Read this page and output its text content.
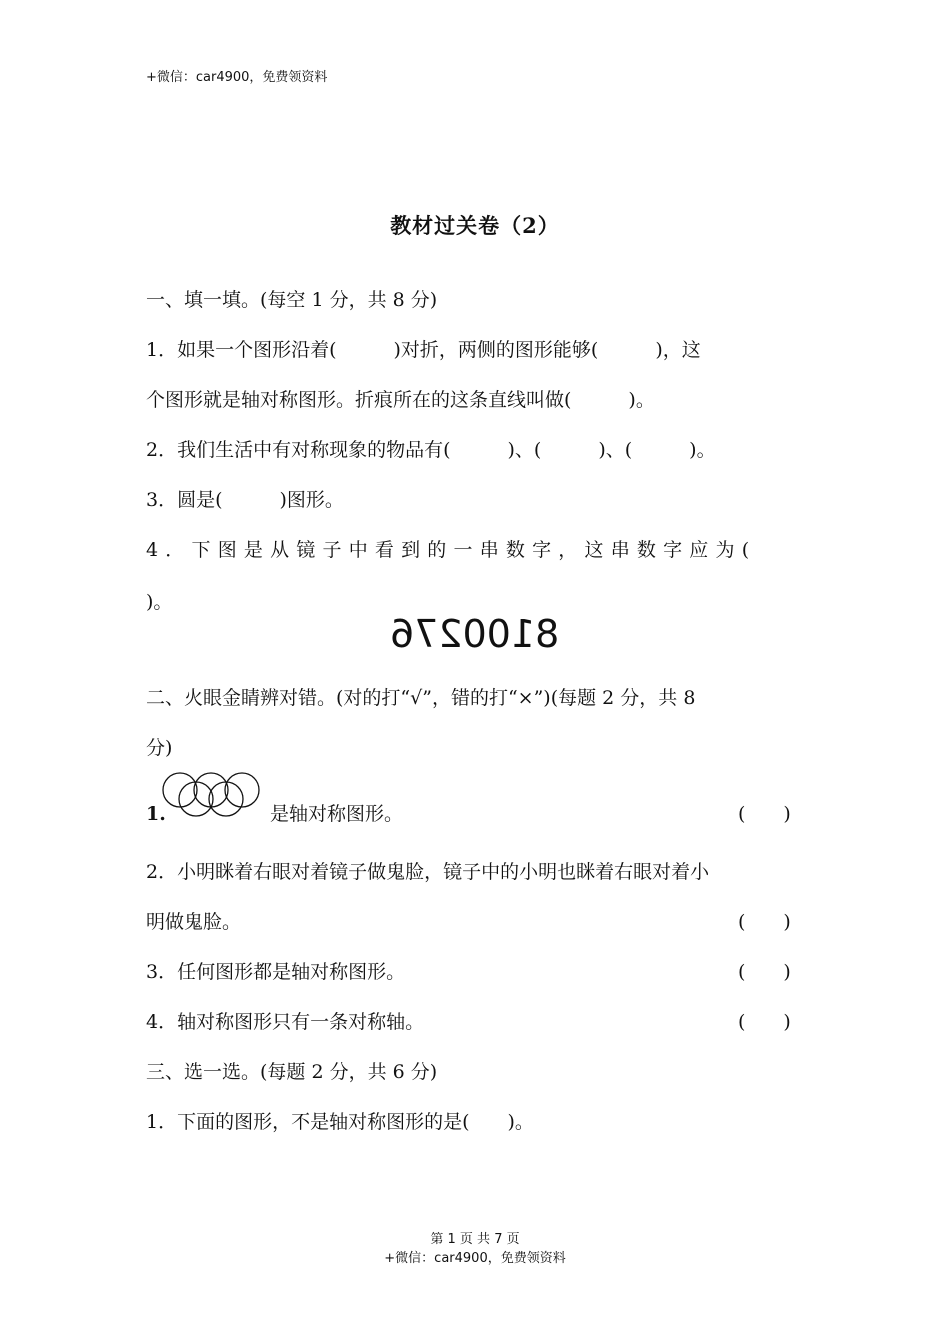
+微信：car4900，免费领资料
教材过关卷（2）
一、填一填。(每空 1 分，共 8 分)
1．如果一个图形沿着(　　　)对折，两侧的图形能够(　　　)，这
个图形就是轴对称图形。折痕所在的这条直线叫做(　　　)。
2．我们生活中有对称现象的物品有(　　　)、(　　　)、(　　　)。
3．圆是(　　　)图形。
4．下图是从镜子中看到的一串数字，这串数字应为(
)。
8100276
二、火眼金睛辨对错。(对的打“√”，错的打“×”)(每题 2 分，共 8
分)
1.	是轴对称图形。	(　　)
2．小明眯着右眼对着镜子做鬼脸，镜子中的小明也眯着右眼对着小
明做鬼脸。	(　　)
3．任何图形都是轴对称图形。	(　　)
4．轴对称图形只有一条对称轴。	(　　)
三、选一选。(每题 2 分，共 6 分)
1．下面的图形，不是轴对称图形的是(　　)。
第 1 页 共 7 页
+微信：car4900，免费领资料
